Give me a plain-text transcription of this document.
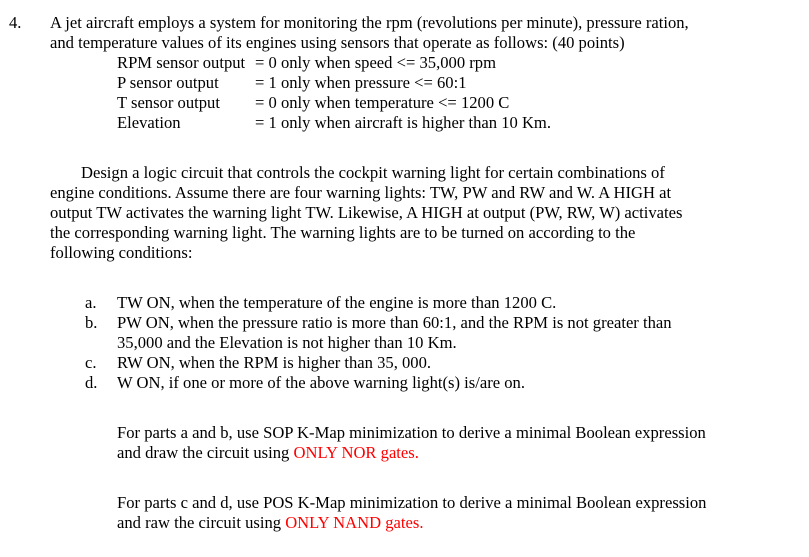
4. A jet aircraft employs a system for monitoring the rpm (revolutions per minute), pressure ration,
and temperature values of its engines using sensors that operate as follows: (40 points)
RPM sensor output = 0 only when speed <= 35,000 rpm
P sensor output = 1 only when pressure <= 60:1
T sensor output = 0 only when temperature <= 1200 C
Elevation	= 1 only when aircraft is higher than 10 Km.
Design a logic circuit that controls the cockpit warning light for certain combinations of
engine conditions. Assume there are four warning lights: TW, PW and RW and W. A HIGH at
output TW activates the warning light TW. Likewise, A HIGH at output (PW, RW, W) activates
the corresponding warning light. The warning lights are to be turned on according to the
following conditions:
a. TW ON, when the temperature of the engine is more than 1200 C.
b. PW ON, when the pressure ratio is more than 60:1, and the RPM is not greater than
35,000 and the Elevation is not higher than 10 Km.
c. RW ON, when the RPM is higher than 35, 000.
d. W ON, if one or more of the above warning light(s) is/are on.
For parts a and b, use SOP K-Map minimization to derive a minimal Boolean expression
and draw the circuit using ONLY NOR gates.
For parts c and d, use POS K-Map minimization to derive a minimal Boolean expression
and raw the circuit using ONLY NAND gates.
